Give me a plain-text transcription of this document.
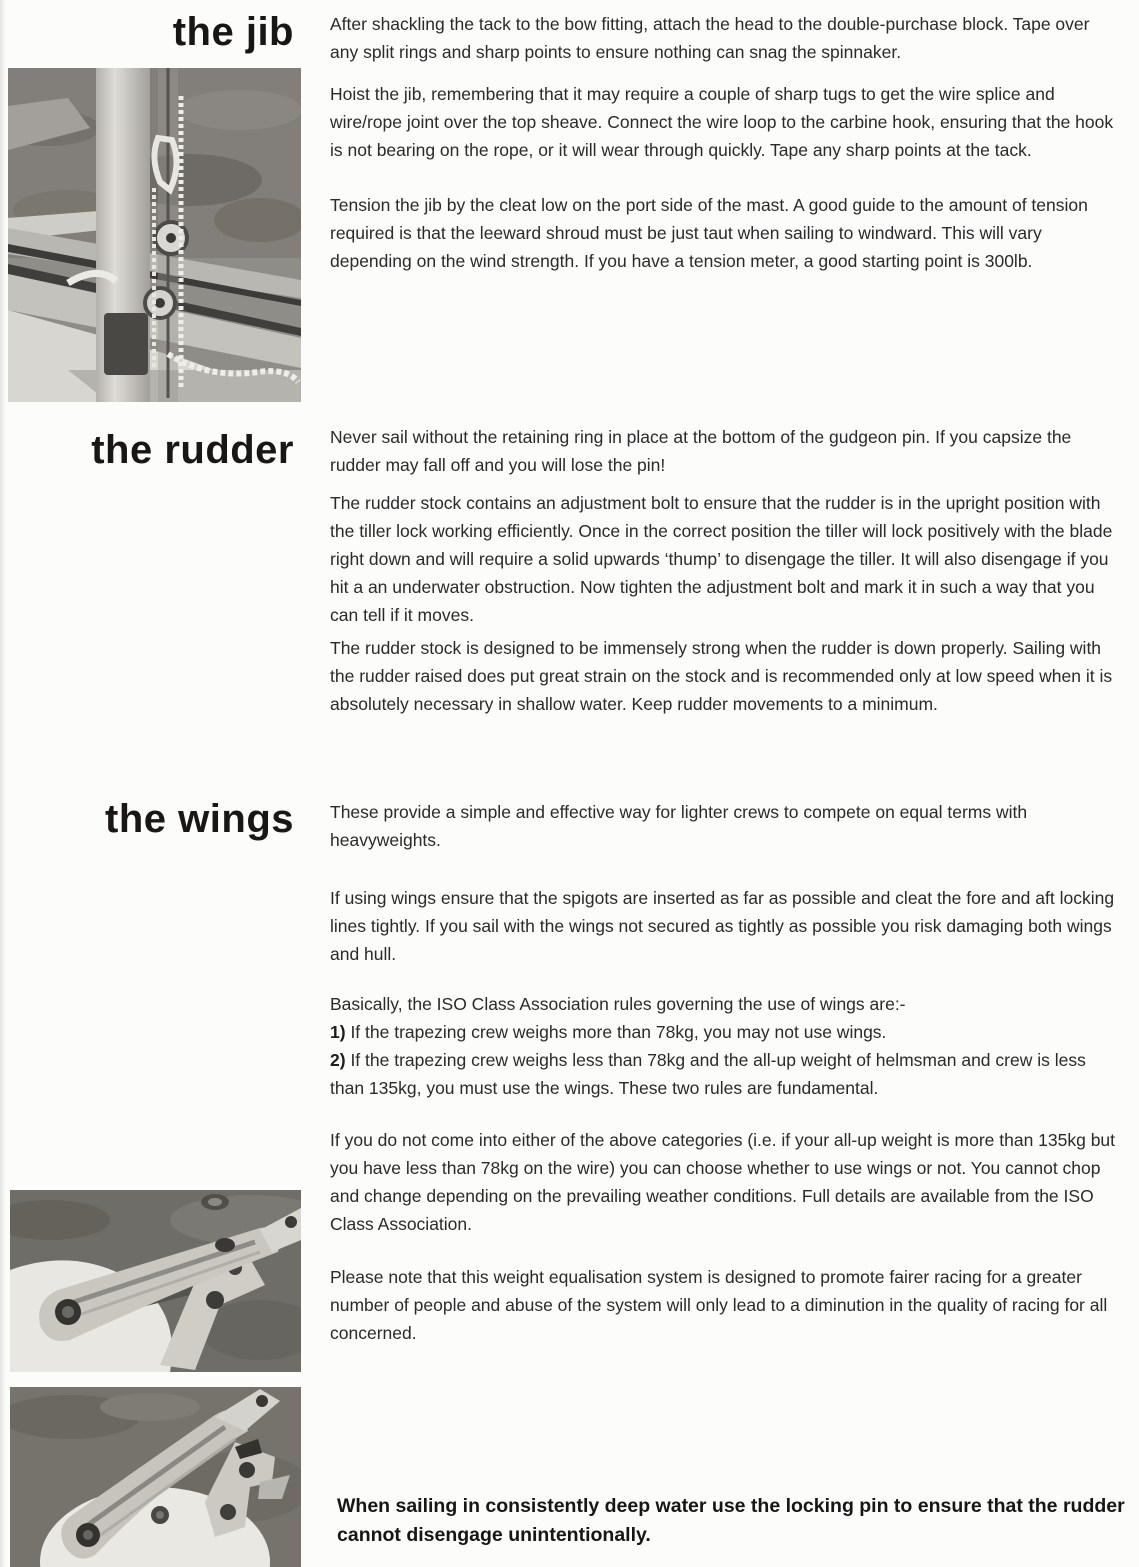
the jib After shackling the tack to the bow fitting, attach the head to the double-purchase block. Tape over any split rings and sharp points to ensure nothing can snag the spinnaker.

Hoist the jib, remembering that it may require a couple of sharp tugs to get the wire splice and wire/rope joint over the top sheave. Connect the wire loop to the carbine hook, ensuring that the hook is not bearing on the rope, or it will wear through quickly. Tape any sharp points at the tack.

Tension the jib by the cleat low on the port side of the mast. A good guide to the amount of tension required is that the leeward shroud must be just taut when sailing to windward. This will vary depending on the wind strength. If you have a tension meter, a good starting point is 300lb.

the rudder Never sail without the retaining ring in place at the bottom of the gudgeon pin. If you capsize the rudder may fall off and you will lose the pin!

The rudder stock contains an adjustment bolt to ensure that the rudder is in the upright position with the tiller lock working efficiently. Once in the correct position the tiller will lock positively with the blade right down and will require a solid upwards ‘thump’ to disengage the tiller. It will also disengage if you hit a an underwater obstruction. Now tighten the adjustment bolt and mark it in such a way that you can tell if it moves.

The rudder stock is designed to be immensely strong when the rudder is down properly. Sailing with the rudder raised does put great strain on the stock and is recommended only at low speed when it is absolutely necessary in shallow water. Keep rudder movements to a minimum.

the wings These provide a simple and effective way for lighter crews to compete on equal terms with heavyweights.

If using wings ensure that the spigots are inserted as far as possible and cleat the fore and aft locking lines tightly. If you sail with the wings not secured as tightly as possible you risk damaging both wings and hull.

Basically, the ISO Class Association rules governing the use of wings are:-
1) If the trapezing crew weighs more than 78kg, you may not use wings.
2) If the trapezing crew weighs less than 78kg and the all-up weight of helmsman and crew is less than 135kg, you must use the wings. These two rules are fundamental.

If you do not come into either of the above categories (i.e. if your all-up weight is more than 135kg but you have less than 78kg on the wire) you can choose whether to use wings or not. You cannot chop and change depending on the prevailing weather conditions. Full details are available from the ISO Class Association.

Please note that this weight equalisation system is designed to promote fairer racing for a greater number of people and abuse of the system will only lead to a diminution in the quality of racing for all concerned.

When sailing in consistently deep water use the locking pin to ensure that the rudder cannot disengage unintentionally.
